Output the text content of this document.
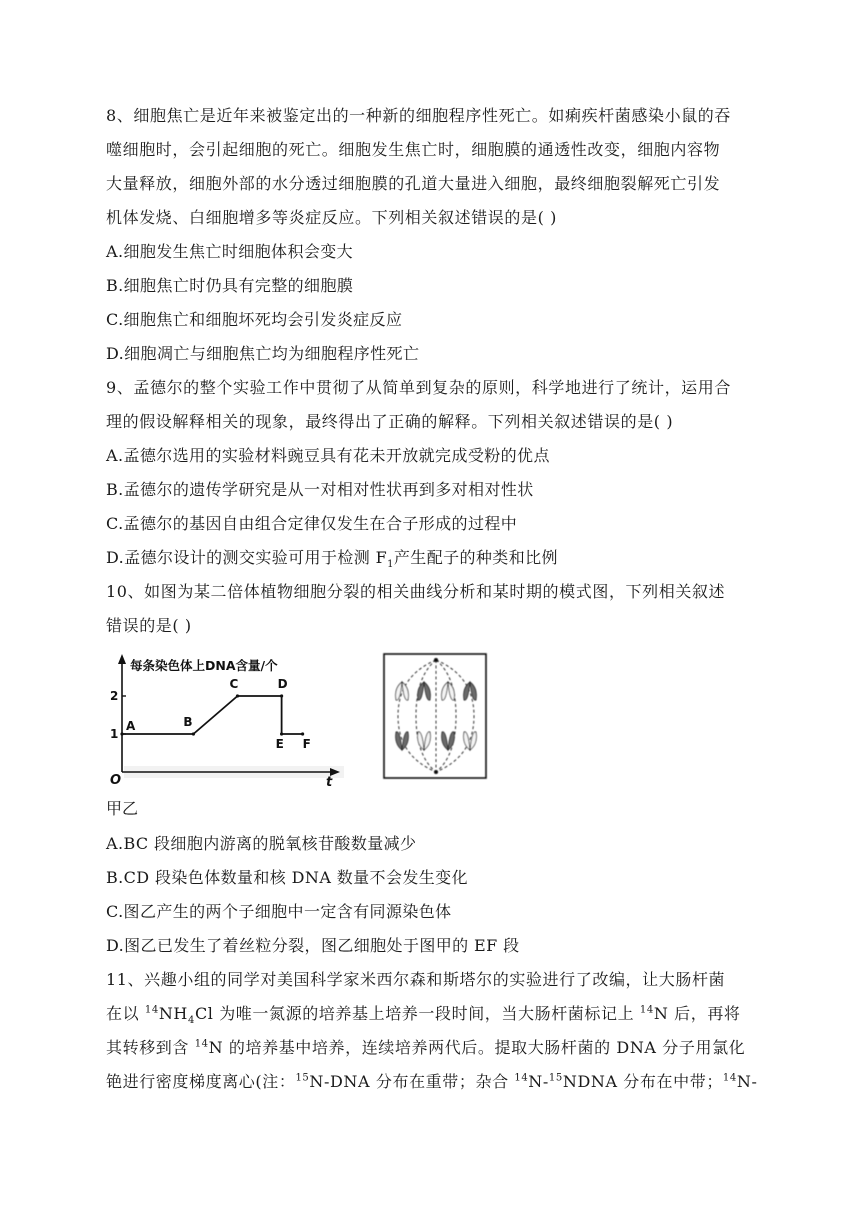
8、细胞焦亡是近年来被鉴定出的一种新的细胞程序性死亡。如痢疾杆菌感染小鼠的吞
噬细胞时，会引起细胞的死亡。细胞发生焦亡时，细胞膜的通透性改变，细胞内容物
大量释放，细胞外部的水分透过细胞膜的孔道大量进入细胞，最终细胞裂解死亡引发
机体发烧、白细胞增多等炎症反应。下列相关叙述错误的是( )
A.细胞发生焦亡时细胞体积会变大
B.细胞焦亡时仍具有完整的细胞膜
C.细胞焦亡和细胞坏死均会引发炎症反应
D.细胞凋亡与细胞焦亡均为细胞程序性死亡
9、孟德尔的整个实验工作中贯彻了从简单到复杂的原则，科学地进行了统计，运用合
理的假设解释相关的现象，最终得出了正确的解释。下列相关叙述错误的是( )
A.孟德尔选用的实验材料豌豆具有花未开放就完成受粉的优点
B.孟德尔的遗传学研究是从一对相对性状再到多对相对性状
C.孟德尔的基因自由组合定律仅发生在合子形成的过程中
D.孟德尔设计的测交实验可用于检测 $F_1$产生配子的种类和比例
10、如图为某二倍体植物细胞分裂的相关曲线分析和某时期的模式图，下列相关叙述
错误的是( )
每条染色体上DNA含量/个
O	t
1
2
A	B
C	D
E F
甲乙
A.BC 段细胞内游离的脱氧核苷酸数量减少
B.CD 段染色体数量和核 DNA 数量不会发生变化
C.图乙产生的两个子细胞中一定含有同源染色体
D.图乙已发生了着丝粒分裂，图乙细胞处于图甲的 EF 段
11、兴趣小组的同学对美国科学家米西尔森和斯塔尔的实验进行了改编，让大肠杆菌
在以 $^{14}NH_4Cl$ 为唯一氮源的培养基上培养一段时间，当大肠杆菌标记上 $^{14}$N 后，再将
其转移到含 $^{14}$N 的培养基中培养，连续培养两代后。提取大肠杆菌的 DNA 分子用氯化
铯进行密度梯度离心(注：$^{15}$N-DNA 分布在重带；杂合 $^{14}$N-$^{15}$NDNA 分布在中带；$^{14}$N-
